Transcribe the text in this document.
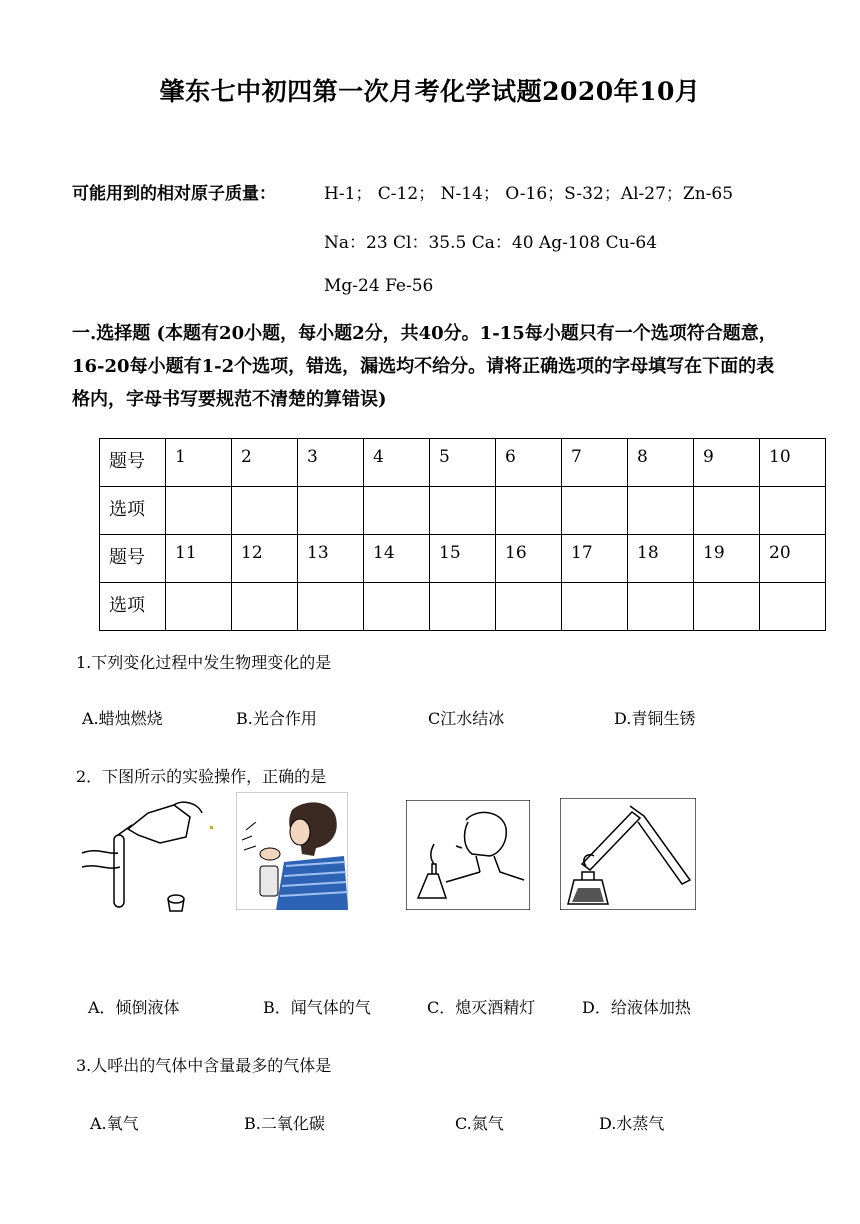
肇东七中初四第一次月考化学试题2020年10月
可能用到的相对原子质量：	H-1； C-12； N-14； O-16；S-32；Al-27；Zn-65
Na：23 Cl：35.5 Ca：40 Ag-108 Cu-64
Mg-24 Fe-56
一.选择题 (本题有20小题，每小题2分，共40分。1-15每小题只有一个选项符合题意，16-20每小题有1-2个选项，错选，漏选均不给分。请将正确选项的字母填写在下面的表格内，字母书写要规范不清楚的算错误)
题号	1	2	3	4	5	6	7	8	9	10
选项										
题号	11	12	13	14	15	16	17	18	19	20
选项										
1.下列变化过程中发生物理变化的是
A.蜡烛燃烧	B.光合作用	C江水结冰	D.青铜生锈
2．下图所示的实验操作，正确的是
A．倾倒液体	B．闻气体的气	C．熄灭酒精灯	D．给液体加热
3.人呼出的气体中含量最多的气体是
A.氧气	B.二氧化碳	C.氮气	D.水蒸气
